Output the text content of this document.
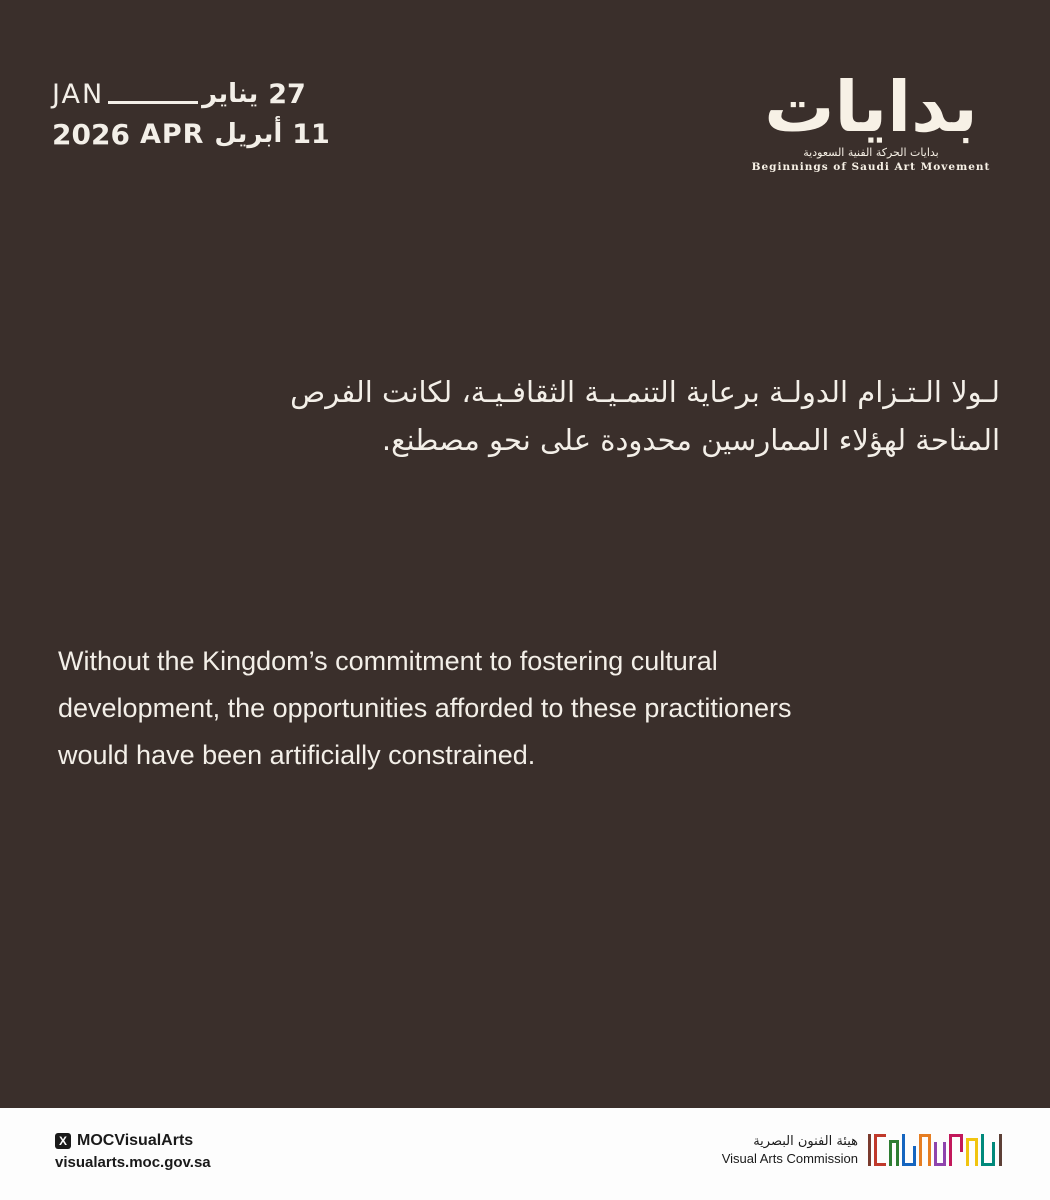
JAN	يناير 27
2026 APR أبريل 11	بدايات
بدايات الحركة الفنية السعودية
Beginnings of Saudi Art Movement
لـولا الـتـزام الدولـة برعاية التنمـيـة الثقافـيـة، لكانت الفرص المتاحة لهؤلاء الممارسين محدودة على نحو مصطنع.
Without the Kingdom’s commitment to fostering cultural development, the opportunities afforded to these practitioners would have been artificially constrained.
X MOCVisualArts
visualarts.moc.gov.sa
هيئة الفنون البصرية
Visual Arts Commission
